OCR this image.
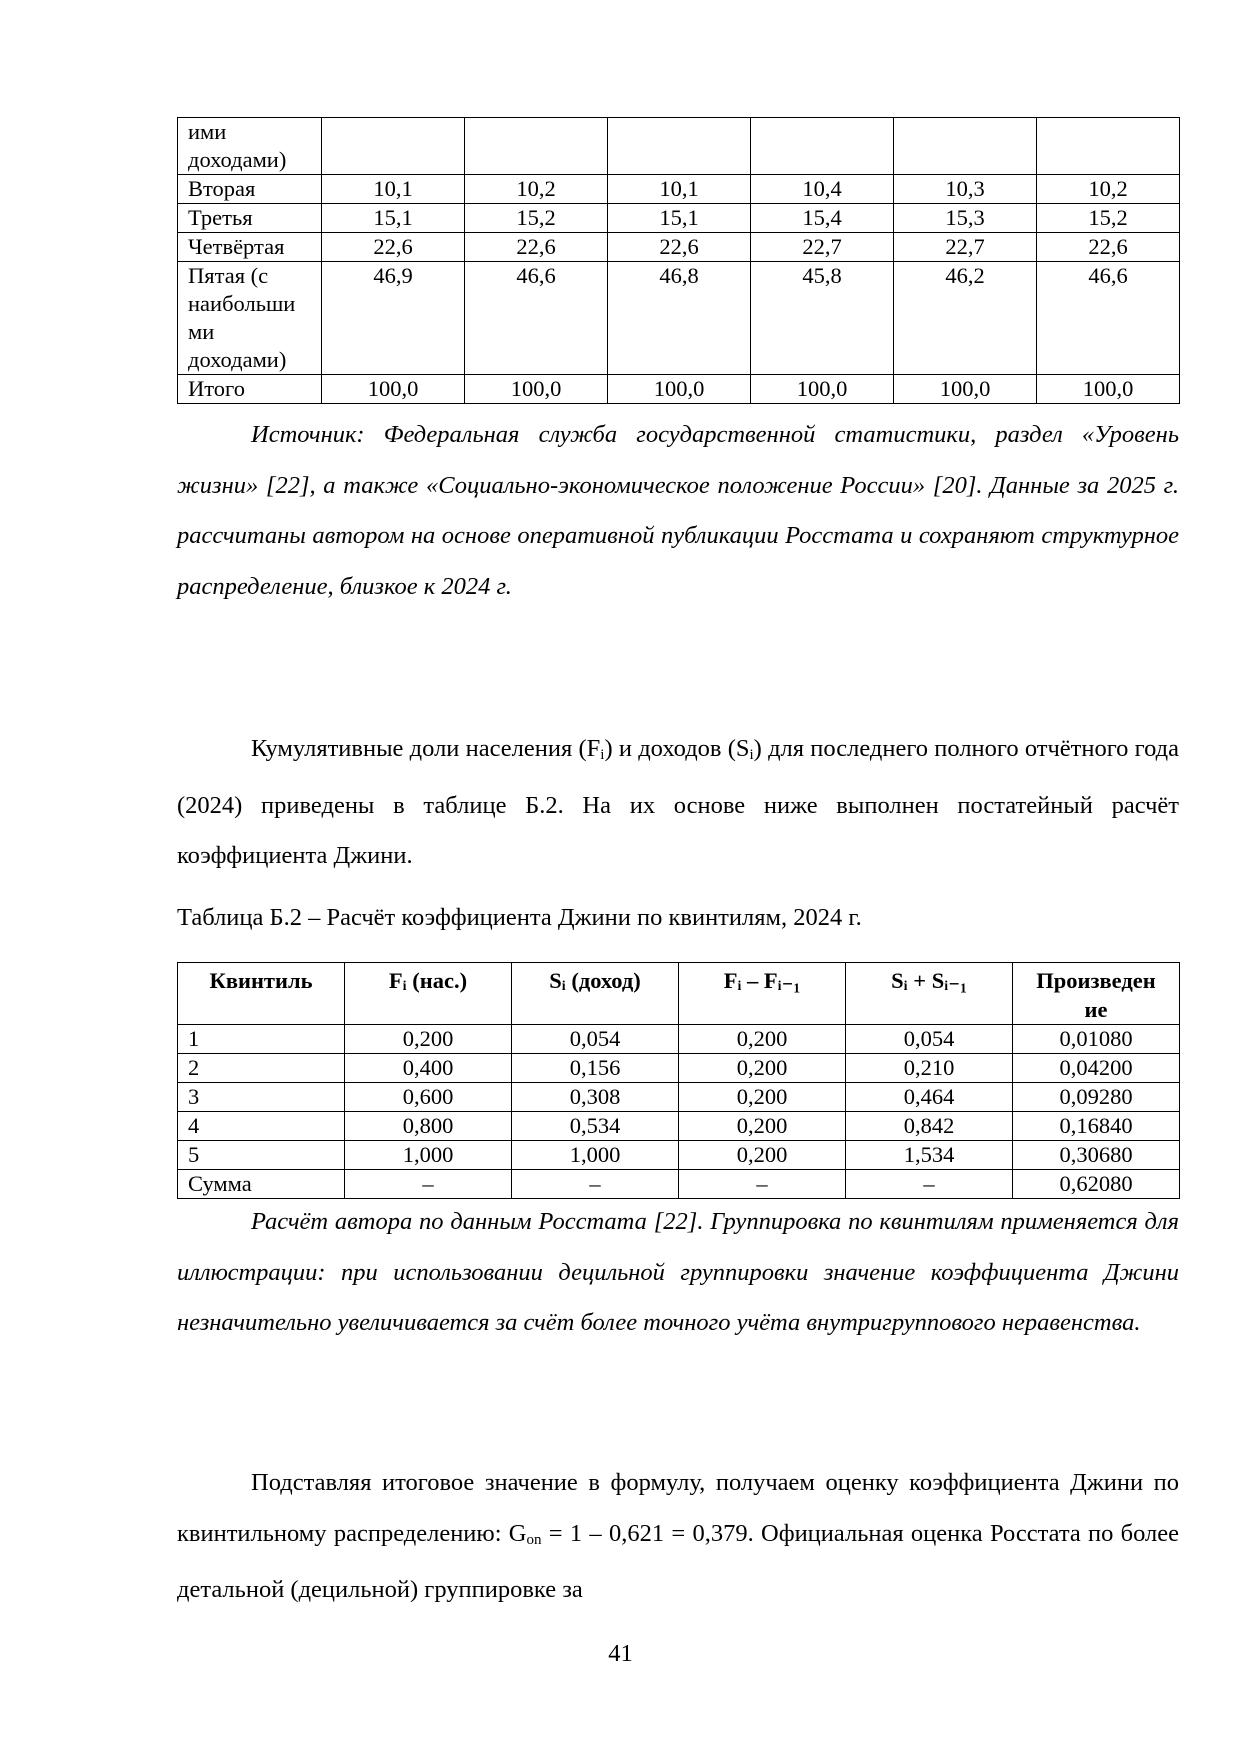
ими
доходами)						
Вторая	10,1	10,2	10,1	10,4	10,3	10,2
Третья	15,1	15,2	15,1	15,4	15,3	15,2
Четвёртая	22,6	22,6	22,6	22,7	22,7	22,6
Пятая (с
наибольши
ми
доходами)	46,9	46,6	46,8	45,8	46,2	46,6
Итого	100,0	100,0	100,0	100,0	100,0	100,0

Источник: Федеральная служба государственной статистики, раздел «Уровень жизни» [22], а также «Социально-экономическое положение России» [20]. Данные за 2025 г. рассчитаны автором на основе оперативной публикации Росстата и сохраняют структурное распределение, близкое к 2024 г.

Кумулятивные доли населения $(F_i)$ и доходов $(S_i)$ для последнего полного отчётного года (2024) приведены в таблице Б.2. На их основе ниже выполнен постатейный расчёт коэффициента Джини.

Таблица Б.2 – Расчёт коэффициента Джини по квинтилям, 2024 г.

Квинтиль	Fᵢ (нас.)	Sᵢ (доход)	Fᵢ – Fᵢ₋₁	Sᵢ + Sᵢ₋₁	Произведен
ие
1	0,200	0,054	0,200	0,054	0,01080
2	0,400	0,156	0,200	0,210	0,04200
3	0,600	0,308	0,200	0,464	0,09280
4	0,800	0,534	0,200	0,842	0,16840
5	1,000	1,000	0,200	1,534	0,30680
Сумма	–	–	–	–	0,62080

Расчёт автора по данным Росстата [22]. Группировка по квинтилям применяется для иллюстрации: при использовании децильной группировки значение коэффициента Джини незначительно увеличивается за счёт более точного учёта внутригруппового неравенства.

Подставляя итоговое значение в формулу, получаем оценку коэффициента Джини по квинтильному распределению: $G_{on} = 1 - 0,621 = 0,379$. Официальная оценка Росстата по более детальной (децильной) группировке за

41
